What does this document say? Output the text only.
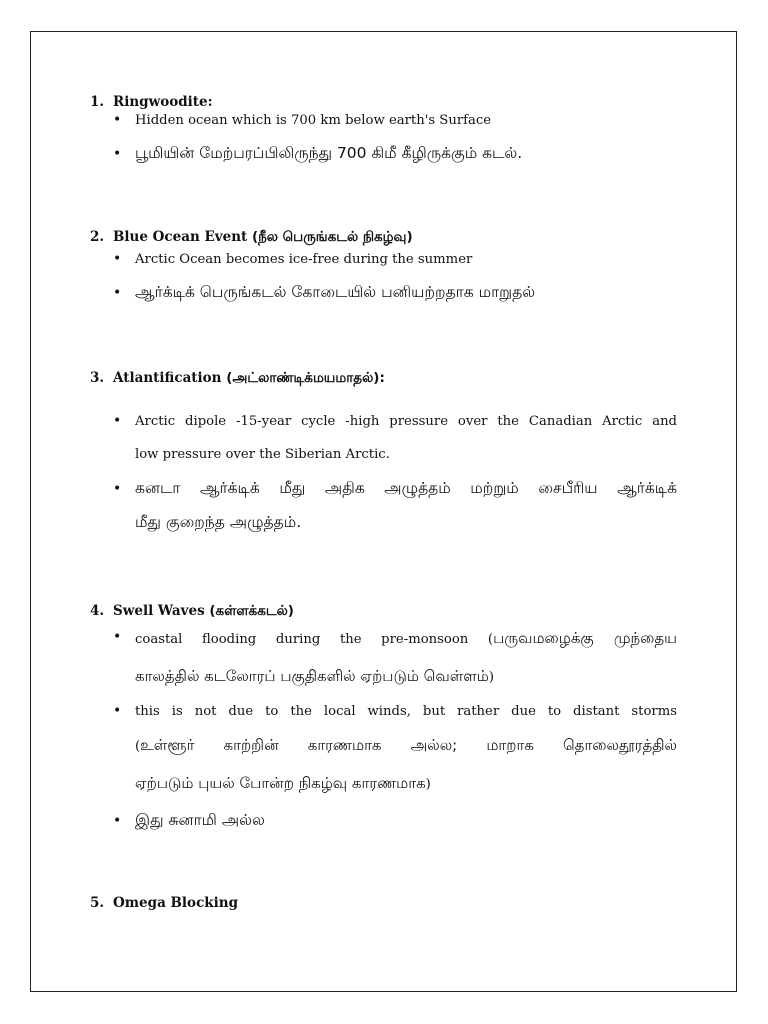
1. Ringwoodite:
• Hidden ocean which is 700 km below earth's Surface
• பூமியின் மேற்பரப்பிலிருந்து 700 கிமீ கீழிருக்கும் கடல்.
2. Blue Ocean Event (நீல பெருங்கடல் நிகழ்வு)
• Arctic Ocean becomes ice-free during the summer
• ஆர்க்டிக் பெருங்கடல் கோடையில் பனியற்றதாக மாறுதல்
3. Atlantification (அட்லாண்டிக்மயமாதல்):
• Arctic dipole -15-year cycle -high pressure over the Canadian Arctic and
low pressure over the Siberian Arctic.
• கனடா ஆர்க்டிக் மீது அதிக அழுத்தம் மற்றும் சைபீரிய ஆர்க்டிக்
மீது குறைந்த அழுத்தம்.
4. Swell Waves (கள்ளக்கடல்)
• coastal flooding during the pre-monsoon (பருவமழைக்கு முந்தைய
காலத்தில் கடலோரப் பகுதிகளில் ஏற்படும் வெள்ளம்)
• this is not due to the local winds, but rather due to distant storms
(உள்ளூர் காற்றின் காரணமாக அல்ல; மாறாக தொலைதூரத்தில்
ஏற்படும் புயல் போன்ற நிகழ்வு காரணமாக)
• இது சுனாமி அல்ல
5. Omega Blocking
